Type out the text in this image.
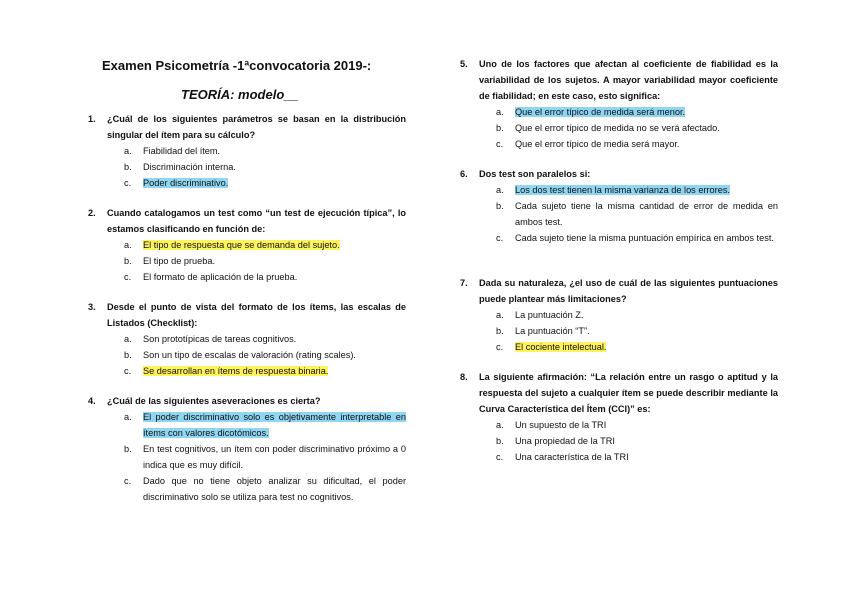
Examen Psicometría -1ªconvocatoria 2019-:
TEORÍA: modelo__
1.	¿Cuál de los siguientes parámetros se basan en la distribución singular del ítem para su cálculo?
a.	Fiabilidad del ítem.
b.	Discriminación interna.
c.	Poder discriminativo.
2.	Cuando catalogamos un test como “un test de ejecución típica”, lo estamos clasificando en función de:
a.	El tipo de respuesta que se demanda del sujeto.
b.	El tipo de prueba.
c.	El formato de aplicación de la prueba.
3.	Desde el punto de vista del formato de los ítems, las escalas de Listados (Checklist):
a.	Son prototípicas de tareas cognitivos.
b.	Son un tipo de escalas de valoración (rating scales).
c.	Se desarrollan en ítems de respuesta binaria.
4.	¿Cuál de las siguientes aseveraciones es cierta?
a.	El poder discriminativo solo es objetivamente interpretable en ítems con valores dicotómicos.
b.	En test cognitivos, un ítem con poder discriminativo próximo a 0 indica que es muy difícil.
c.	Dado que no tiene objeto analizar su dificultad, el poder discriminativo solo se utiliza para test no cognitivos.
5.	Uno de los factores que afectan al coeficiente de fiabilidad es la variabilidad de los sujetos. A mayor variabilidad mayor coeficiente de fiabilidad; en este caso, esto significa:
a.	Que el error típico de medida será menor.
b.	Que el error típico de medida no se verá afectado.
c.	Que el error típico de media será mayor.
6.	Dos test son paralelos si:
a.	Los dos test tienen la misma varianza de los errores.
b.	Cada sujeto tiene la misma cantidad de error de medida en ambos test.
c.	Cada sujeto tiene la misma puntuación empírica en ambos test.
7.	Dada su naturaleza, ¿el uso de cuál de las siguientes puntuaciones puede plantear más limitaciones?
a.	La puntuación Z.
b.	La puntuación “T”.
c.	El cociente intelectual.
8.	La siguiente afirmación: “La relación entre un rasgo o aptitud y la respuesta del sujeto a cualquier ítem se puede describir mediante la Curva Característica del Ítem (CCI)” es:
a.	Un supuesto de la TRI
b.	Una propiedad de la TRI
c.	Una característica de la TRI
